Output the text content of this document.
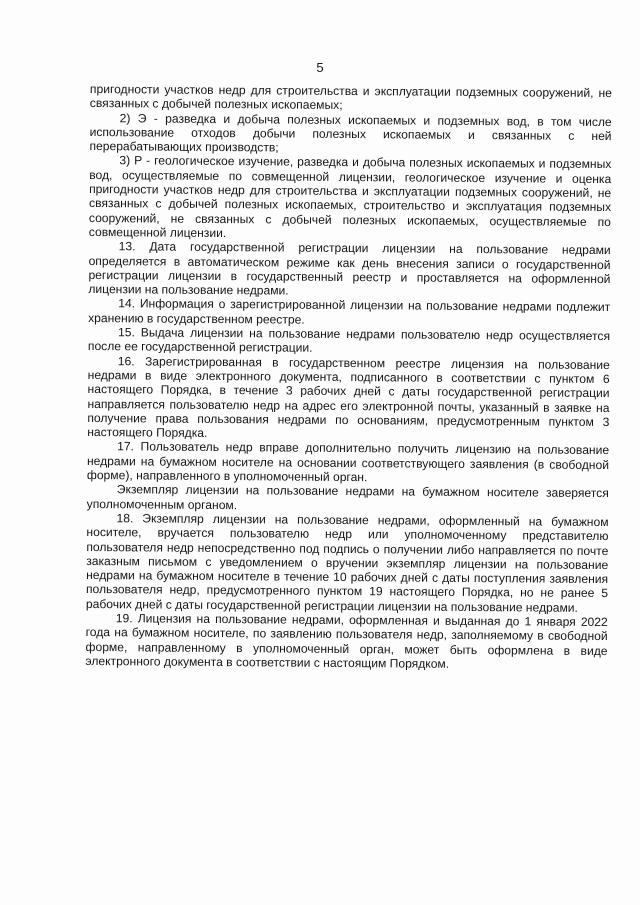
5

пригодности участков недр для строительства и эксплуатации подземных сооружений, не связанных с добычей полезных ископаемых;

2) Э - разведка и добыча полезных ископаемых и подземных вод, в том числе использование отходов добычи полезных ископаемых и связанных с ней перерабатывающих производств;

3) Р - геологическое изучение, разведка и добыча полезных ископаемых и подземных вод, осуществляемые по совмещенной лицензии, геологическое изучение и оценка пригодности участков недр для строительства и эксплуатации подземных сооружений, не связанных с добычей полезных ископаемых, строительство и эксплуатация подземных сооружений, не связанных с добычей полезных ископаемых, осуществляемые по совмещенной лицензии.

13. Дата государственной регистрации лицензии на пользование недрами определяется в автоматическом режиме как день внесения записи о государственной регистрации лицензии в государственный реестр и проставляется на оформленной лицензии на пользование недрами.

14. Информация о зарегистрированной лицензии на пользование недрами подлежит хранению в государственном реестре.

15. Выдача лицензии на пользование недрами пользователю недр осуществляется после ее государственной регистрации.

16. Зарегистрированная в государственном реестре лицензия на пользование недрами в виде электронного документа, подписанного в соответствии с пунктом 6 настоящего Порядка, в течение 3 рабочих дней с даты государственной регистрации направляется пользователю недр на адрес его электронной почты, указанный в заявке на получение права пользования недрами по основаниям, предусмотренным пунктом 3 настоящего Порядка.

17. Пользователь недр вправе дополнительно получить лицензию на пользование недрами на бумажном носителе на основании соответствующего заявления (в свободной форме), направленного в уполномоченный орган.

Экземпляр лицензии на пользование недрами на бумажном носителе заверяется уполномоченным органом.

18. Экземпляр лицензии на пользование недрами, оформленный на бумажном носителе, вручается пользователю недр или уполномоченному представителю пользователя недр непосредственно под подпись о получении либо направляется по почте заказным письмом с уведомлением о вручении экземпляр лицензии на пользование недрами на бумажном носителе в течение 10 рабочих дней с даты поступления заявления пользователя недр, предусмотренного пунктом 19 настоящего Порядка, но не ранее 5 рабочих дней с даты государственной регистрации лицензии на пользование недрами.

19. Лицензия на пользование недрами, оформленная и выданная до 1 января 2022 года на бумажном носителе, по заявлению пользователя недр, заполняемому в свободной форме, направленному в уполномоченный орган, может быть оформлена в виде электронного документа в соответствии с настоящим Порядком.
